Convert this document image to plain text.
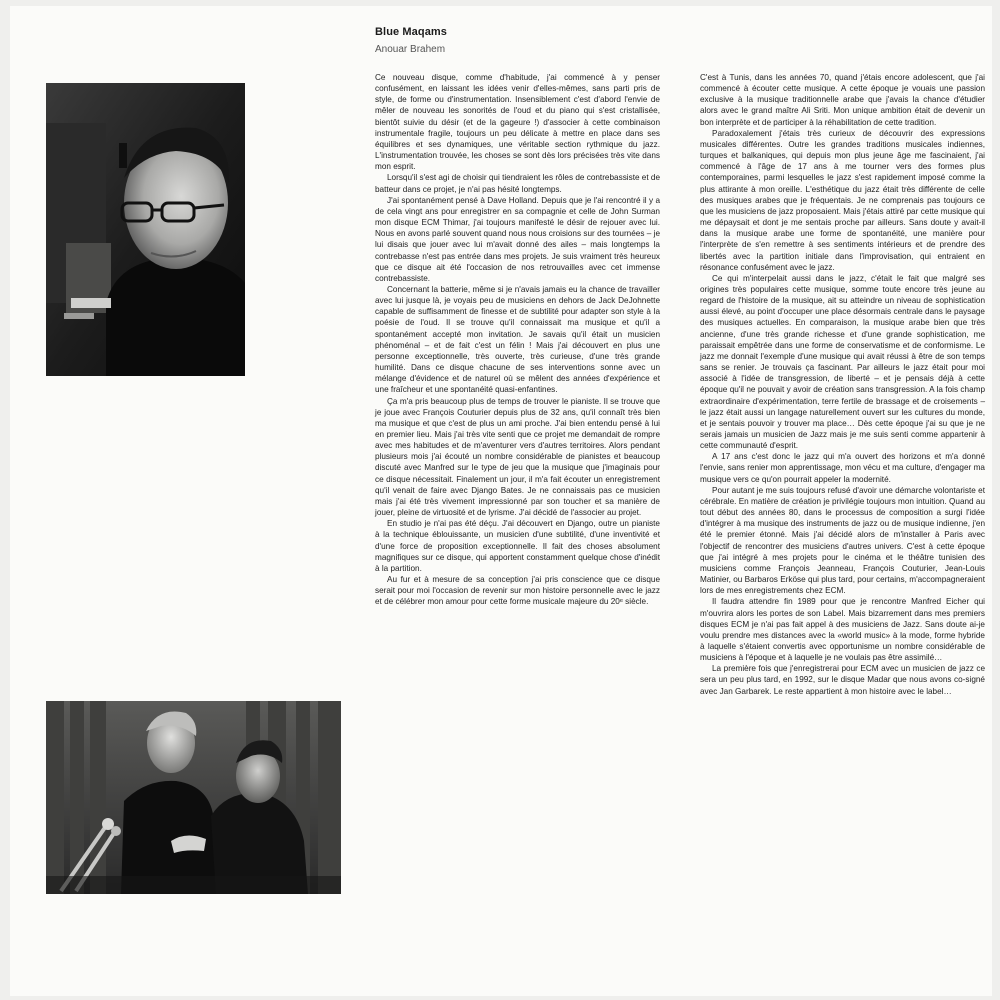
Blue Maqams

Anouar Brahem

Ce nouveau disque, comme d'habitude, j'ai commencé à y penser confusément, en laissant les idées venir d'elles-mêmes, sans parti pris de style, de forme ou d'instrumentation. Insensiblement c'est d'abord l'envie de mêler de nouveau les sonorités de l'oud et du piano qui s'est cristallisée, bientôt suivie du désir (et de la gageure !) d'associer à cette combinaison instrumentale fragile, toujours un peu délicate à mettre en place dans ses équilibres et ses dynamiques, une véritable section rythmique du jazz. L'instrumentation trouvée, les choses se sont dès lors précisées très vite dans mon esprit.

Lorsqu'il s'est agi de choisir qui tiendraient les rôles de contrebassiste et de batteur dans ce projet, je n'ai pas hésité longtemps.

J'ai spontanément pensé à Dave Holland. Depuis que je l'ai rencontré il y a de cela vingt ans pour enregistrer en sa compagnie et celle de John Surman mon disque ECM Thimar, j'ai toujours manifesté le désir de rejouer avec lui. Nous en avons parlé souvent quand nous nous croisions sur des tournées – je lui disais que jouer avec lui m'avait donné des ailes – mais longtemps la contrebasse n'est pas entrée dans mes projets. Je suis vraiment très heureux que ce disque ait été l'occasion de nos retrouvailles avec cet immense contrebassiste.

Concernant la batterie, même si je n'avais jamais eu la chance de travailler avec lui jusque là, je voyais peu de musiciens en dehors de Jack DeJohnette capable de suffisamment de finesse et de subtilité pour adapter son style à la poésie de l'oud. Il se trouve qu'il connaissait ma musique et qu'il a spontanément accepté mon invitation. Je savais qu'il était un musicien phénoménal – et de fait c'est un félin ! Mais j'ai découvert en plus une personne exceptionnelle, très ouverte, très curieuse, d'une très grande humilité. Dans ce disque chacune de ses interventions sonne avec un mélange d'évidence et de naturel où se mêlent des années d'expérience et une fraîcheur et une spontanéité quasi-enfantines.

Ça m'a pris beaucoup plus de temps de trouver le pianiste. Il se trouve que je joue avec François Couturier depuis plus de 32 ans, qu'il connaît très bien ma musique et que c'est de plus un ami proche. J'ai bien entendu pensé à lui en premier lieu. Mais j'ai très vite senti que ce projet me demandait de rompre avec mes habitudes et de m'aventurer vers d'autres territoires. Alors pendant plusieurs mois j'ai écouté un nombre considérable de pianistes et beaucoup discuté avec Manfred sur le type de jeu que la musique que j'imaginais pour ce disque nécessitait. Finalement un jour, il m'a fait écouter un enregistrement qu'il venait de faire avec Django Bates. Je ne connaissais pas ce musicien mais j'ai été très vivement impressionné par son toucher et sa manière de jouer, pleine de virtuosité et de lyrisme. J'ai décidé de l'associer au projet.

En studio je n'ai pas été déçu. J'ai découvert en Django, outre un pianiste à la technique éblouissante, un musicien d'une subtilité, d'une inventivité et d'une force de proposition exceptionnelle. Il fait des choses absolument magnifiques sur ce disque, qui apportent constamment quelque chose d'inédit à la partition.

Au fur et à mesure de sa conception j'ai pris conscience que ce disque serait pour moi l'occasion de revenir sur mon histoire personnelle avec le jazz et de célébrer mon amour pour cette forme musicale majeure du 20ᵉ siècle.

C'est à Tunis, dans les années 70, quand j'étais encore adolescent, que j'ai commencé à écouter cette musique. A cette époque je vouais une passion exclusive à la musique traditionnelle arabe que j'avais la chance d'étudier alors avec le grand maître Ali Sriti. Mon unique ambition était de devenir un bon interprète et de participer à la réhabilitation de cette tradition.

Paradoxalement j'étais très curieux de découvrir des expressions musicales différentes. Outre les grandes traditions musicales indiennes, turques et balkaniques, qui depuis mon plus jeune âge me fascinaient, j'ai commencé à l'âge de 17 ans à me tourner vers des formes plus contemporaines, parmi lesquelles le jazz s'est rapidement imposé comme la plus attirante à mon oreille. L'esthétique du jazz était très différente de celle des musiques arabes que je fréquentais. Je ne comprenais pas toujours ce que les musiciens de jazz proposaient. Mais j'étais attiré par cette musique qui me dépaysait et dont je me sentais proche par ailleurs. Sans doute y avait-il dans la musique arabe une forme de spontanéité, une manière pour l'interprète de s'en remettre à ses sentiments intérieurs et de prendre des libertés avec la partition initiale dans l'improvisation, qui entraient en résonance confusément avec le jazz.

Ce qui m'interpelait aussi dans le jazz, c'était le fait que malgré ses origines très populaires cette musique, somme toute encore très jeune au regard de l'histoire de la musique, ait su atteindre un niveau de sophistication aussi élevé, au point d'occuper une place désormais centrale dans le paysage des musiques actuelles. En comparaison, la musique arabe bien que très ancienne, d'une très grande richesse et d'une grande sophistication, me paraissait empêtrée dans une forme de conservatisme et de conformisme. Le jazz me donnait l'exemple d'une musique qui avait réussi à être de son temps sans se renier. Je trouvais ça fascinant. Par ailleurs le jazz était pour moi associé à l'idée de transgression, de liberté – et je pensais déjà à cette époque qu'il ne pouvait y avoir de création sans transgression. A la fois champ extraordinaire d'expérimentation, terre fertile de brassage et de croisements – le jazz était aussi un langage naturellement ouvert sur les cultures du monde, et je sentais pouvoir y trouver ma place… Dès cette époque j'ai su que je ne serais jamais un musicien de Jazz mais je me suis senti comme appartenir à cette communauté d'esprit.

A 17 ans c'est donc le jazz qui m'a ouvert des horizons et m'a donné l'envie, sans renier mon apprentissage, mon vécu et ma culture, d'engager ma musique vers ce qu'on pourrait appeler la modernité.

Pour autant je me suis toujours refusé d'avoir une démarche volontariste et cérébrale. En matière de création je privilégie toujours mon intuition. Quand au tout début des années 80, dans le processus de composition a surgi l'idée d'intégrer à ma musique des instruments de jazz ou de musique indienne, j'en été le premier étonné. Mais j'ai décidé alors de m'installer à Paris avec l'objectif de rencontrer des musiciens d'autres univers. C'est à cette époque que j'ai intégré à mes projets pour le cinéma et le théâtre tunisien des musiciens comme François Jeanneau, François Couturier, Jean-Louis Matinier, ou Barbaros Erköse qui plus tard, pour certains, m'accompagneraient lors de mes enregistrements chez ECM.

Il faudra attendre fin 1989 pour que je rencontre Manfred Eicher qui m'ouvrira alors les portes de son Label. Mais bizarrement dans mes premiers disques ECM je n'ai pas fait appel à des musiciens de Jazz. Sans doute ai-je voulu prendre mes distances avec la «world music» à la mode, forme hybride à laquelle s'étaient convertis avec opportunisme un nombre considérable de musiciens à l'époque et à laquelle je ne voulais pas être assimilé…

La première fois que j'enregistrerai pour ECM avec un musicien de jazz ce sera un peu plus tard, en 1992, sur le disque Madar que nous avons co-signé avec Jan Garbarek. Le reste appartient à mon histoire avec le label…
